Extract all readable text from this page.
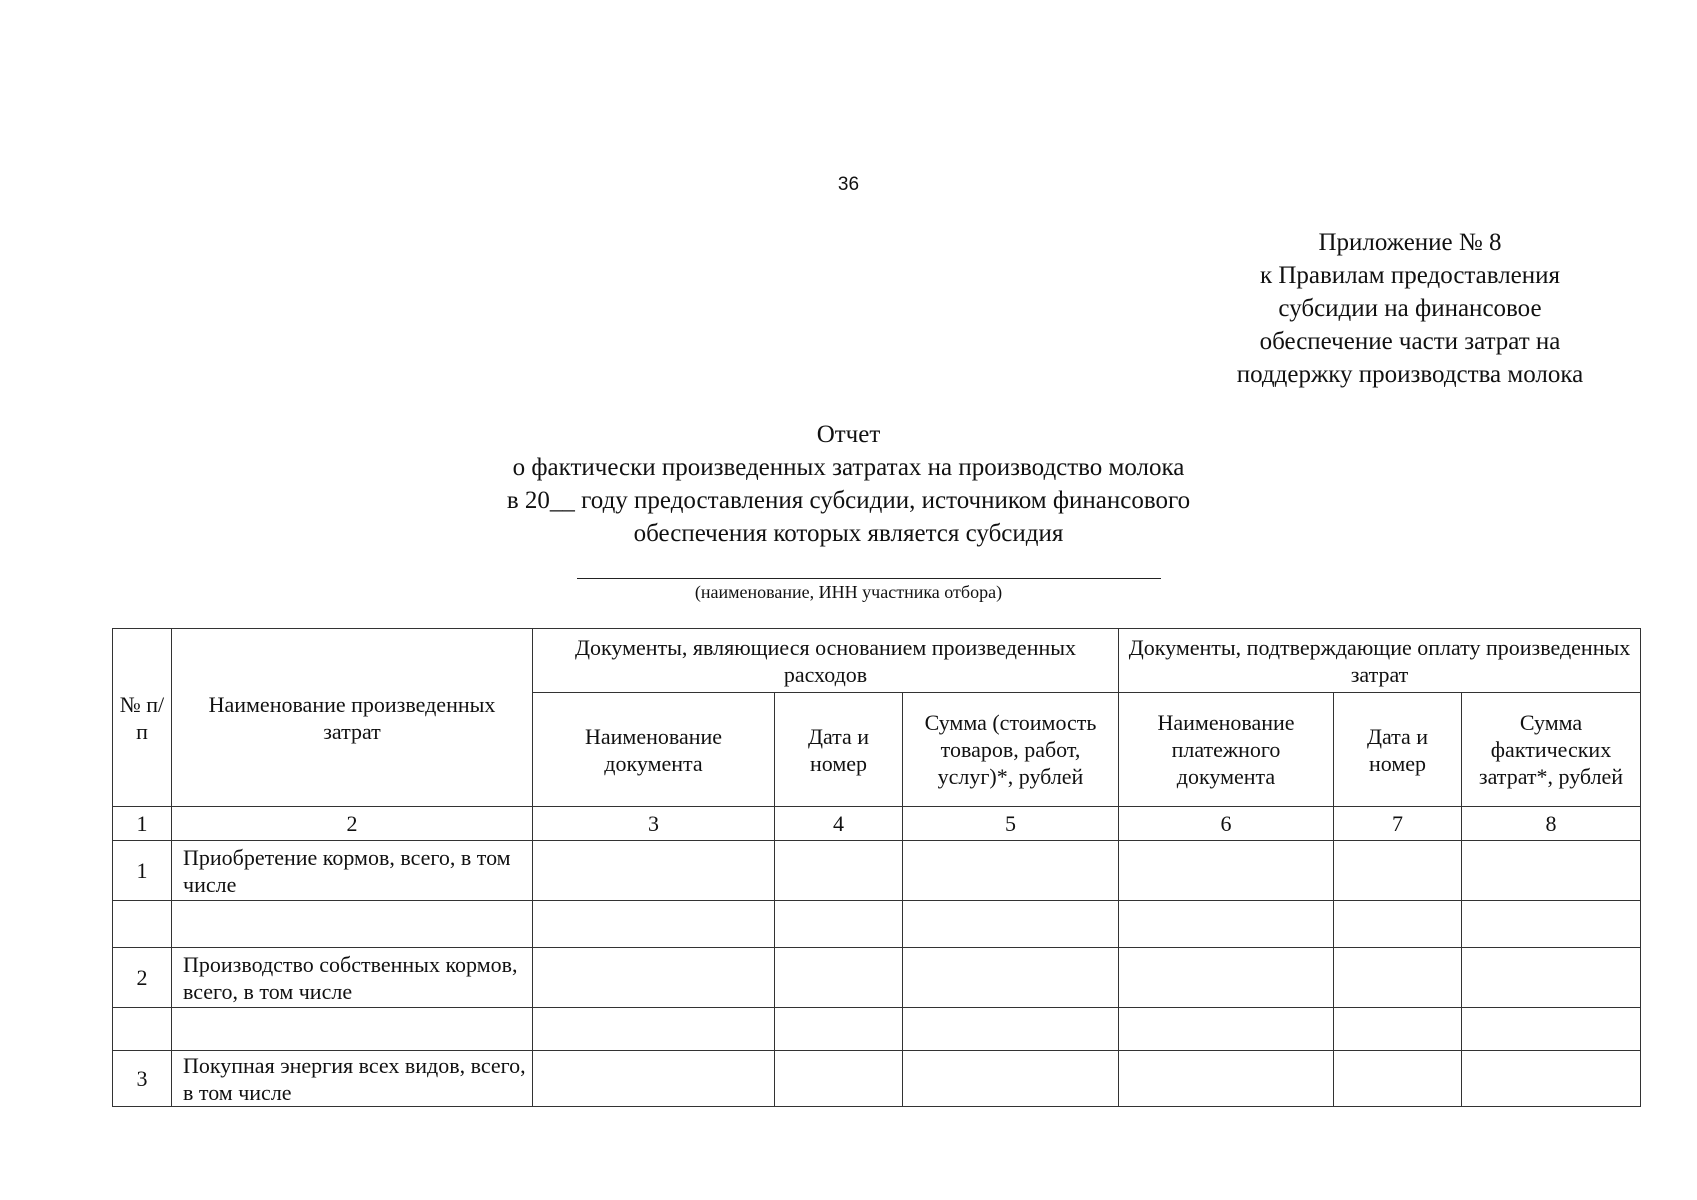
36
Приложение № 8
к Правилам предоставления
субсидии на финансовое
обеспечение части затрат на
поддержку производства молока
Отчет
о фактически произведенных затратах на производство молока
в 20__ году предоставления субсидии, источником финансового
обеспечения которых является субсидия
(наименование, ИНН участника отбора)
№ п/п	Наименование произведенных затрат	Документы, являющиеся основанием произведенных расходов			Документы, подтверждающие оплату произведенных затрат		
		Наименование документа	Дата и номер	Сумма (стоимость товаров, работ, услуг)*, рублей	Наименование платежного документа	Дата и номер	Сумма фактических затрат*, рублей
1	2	3	4	5	6	7	8
1	Приобретение кормов, всего, в том числе						

2	Производство собственных кормов, всего, в том числе						

3	Покупная энергия всех видов, всего, в том числе						
